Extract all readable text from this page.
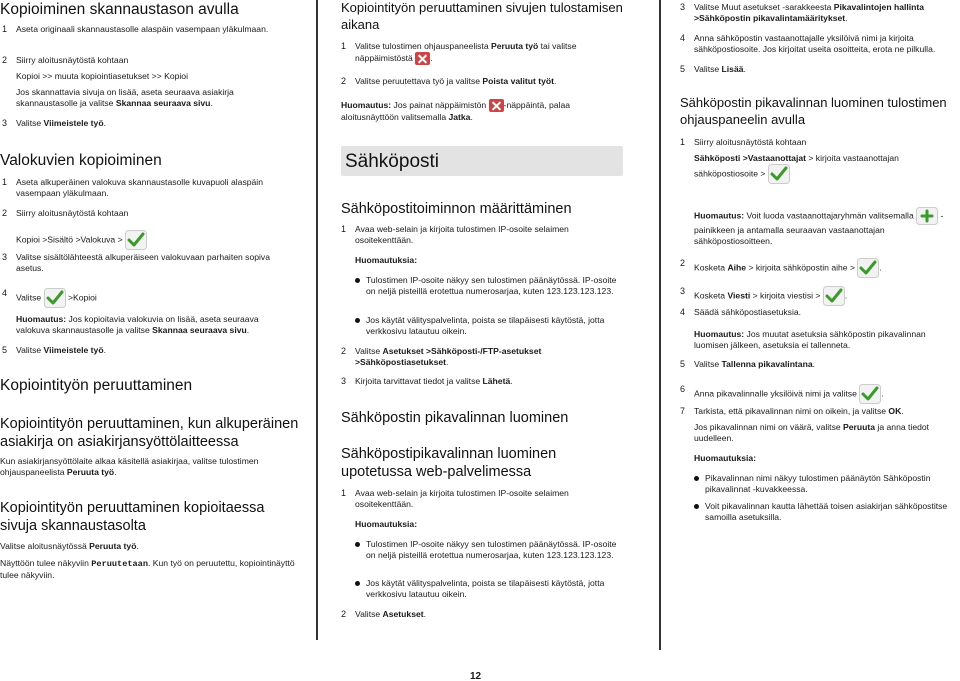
Kopioiminen skannaustason avulla
1	Aseta originaali skannaustasolle alaspäin vasempaan yläkulmaan.
2	Siirry aloitusnäytöstä kohtaan
Kopioi >> muuta kopiointiasetukset >> Kopioi
Jos skannattavia sivuja on lisää, aseta seuraava asiakirja skannaustasolle ja valitse Skannaa seuraava sivu.
3	Valitse Viimeistele työ.
Valokuvien kopioiminen
1	Aseta alkuperäinen valokuva skannaustasolle kuvapuoli alaspäin vasempaan yläkulmaan.
2	Siirry aloitusnäytöstä kohtaan
Kopioi >Sisältö >Valokuva >
3	Valitse sisältölähteestä alkuperäiseen valokuvaan parhaiten sopiva asetus.
4	Valitse	>Kopioi
Huomautus: Jos kopioitavia valokuvia on lisää, aseta seuraava valokuva skannaustasolle ja valitse Skannaa seuraava sivu.
5	Valitse Viimeistele työ.
Kopiointityön peruuttaminen
Kopiointityön peruuttaminen, kun alkuperäinen asiakirja on asiakirjansyöttölaitteessa
Kun asiakirjansyöttölaite alkaa käsitellä asiakirjaa, valitse tulostimen ohjauspaneelista Peruuta työ.
Kopiointityön peruuttaminen kopioitaessa sivuja skannaustasolta
Valitse aloitusnäytössä Peruuta työ.
Näyttöön tulee näkyviin Peruutetaan. Kun työ on peruutettu, kopiointinäyttö tulee näkyviin.
Kopiointityön peruuttaminen sivujen tulostamisen aikana
1	Valitse tulostimen ohjauspaneelista Peruuta työ tai valitse näppäimistöstä .
2	Valitse peruutettava työ ja valitse Poista valitut työt.
Huomautus: Jos painat näppäimistön -näppäintä, palaa aloitusnäyttöön valitsemalla Jatka.
Sähköposti
Sähköpostitoiminnon määrittäminen
1	Avaa web-selain ja kirjoita tulostimen IP-osoite selaimen osoitekenttään.
Huomautuksia:
Tulostimen IP-osoite näkyy sen tulostimen päänäytössä. IP-osoite on neljä pisteillä erotettua numerosarjaa, kuten 123.123.123.123.
Jos käytät välityspalvelinta, poista se tilapäisesti käytöstä, jotta verkkosivu latautuu oikein.
2	Valitse Asetukset >Sähköposti-/FTP-asetukset >Sähköpostiasetukset.
3	Kirjoita tarvittavat tiedot ja valitse Lähetä.
Sähköpostin pikavalinnan luominen
Sähköpostipikavalinnan luominen upotetussa web-palvelimessa
1	Avaa web-selain ja kirjoita tulostimen IP-osoite selaimen osoitekenttään.
Huomautuksia:
Tulostimen IP-osoite näkyy sen tulostimen päänäytössä. IP-osoite on neljä pisteillä erotettua numerosarjaa, kuten 123.123.123.123.
Jos käytät välityspalvelinta, poista se tilapäisesti käytöstä, jotta verkkosivu latautuu oikein.
2	Valitse Asetukset.
3	Valitse Muut asetukset -sarakkeesta Pikavalintojen hallinta >Sähköpostin pikavalintamääritykset.
4	Anna sähköpostin vastaanottajalle yksilöivä nimi ja kirjoita sähköpostiosoite. Jos kirjoitat useita osoitteita, erota ne pilkulla.
5	Valitse Lisää.
Sähköpostin pikavalinnan luominen tulostimen ohjauspaneelin avulla
1	Siirry aloitusnäytöstä kohtaan
Sähköposti >Vastaanottajat > kirjoita vastaanottajan sähköpostiosoite >
Huomautus: Voit luoda vastaanottajaryhmän valitsemalla	-painikkeen ja antamalla seuraavan vastaanottajan sähköpostiosoitteen.
2	Kosketa Aihe > kirjoita sähköpostin aihe >	.
3	Kosketa Viesti > kirjoita viestisi >	.
4	Säädä sähköpostiasetuksia.
Huomautus: Jos muutat asetuksia sähköpostin pikavalinnan luomisen jälkeen, asetuksia ei tallenneta.
5	Valitse Tallenna pikavalintana.
6	Anna pikavalinnalle yksilöivä nimi ja valitse	.
7	Tarkista, että pikavalinnan nimi on oikein, ja valitse OK.
Jos pikavalinnan nimi on väärä, valitse Peruuta ja anna tiedot uudelleen.
Huomautuksia:
Pikavalinnan nimi näkyy tulostimen päänäytön Sähköpostin pikavalinnat -kuvakkeessa.
Voit pikavalinnan kautta lähettää toisen asiakirjan sähköpostitse samoilla asetuksilla.
12
